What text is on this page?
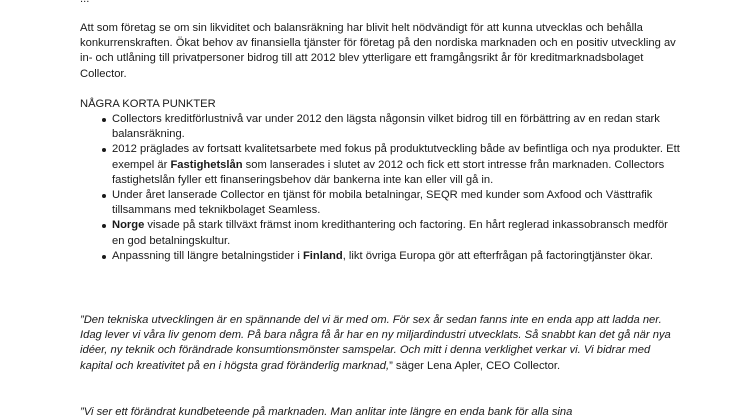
Att som företag se om sin likviditet och balansräkning har blivit helt nödvändigt för att kunna utvecklas och behålla konkurrenskraften. Ökat behov av finansiella tjänster för företag på den nordiska marknaden och en positiv utveckling av in- och utlåning till privatpersoner bidrog till att 2012 blev ytterligare ett framgångsrikt år för kreditmarknadsbolaget Collector.
NÅGRA KORTA PUNKTER
Collectors kreditförlustnivå var under 2012 den lägsta någonsin vilket bidrog till en förbättring av en redan stark balansräkning.
2012 präglades av fortsatt kvalitetsarbete med fokus på produktutveckling både av befintliga och nya produkter. Ett exempel är Fastighetslån som lanserades i slutet av 2012 och fick ett stort intresse från marknaden. Collectors fastighetslån fyller ett finanseringsbehov där bankerna inte kan eller vill gå in.
Under året lanserade Collector en tjänst för mobila betalningar, SEQR med kunder som Axfood och Västtrafik tillsammans med teknikbolaget Seamless.
Norge visade på stark tillväxt främst inom kredithantering och factoring. En hårt reglerad inkassobransch medför en god betalningskultur.
Anpassning till längre betalningstider i Finland, likt övriga Europa gör att efterfrågan på factoringtjänster ökar.
”Den tekniska utvecklingen är en spännande del vi är med om. För sex år sedan fanns inte en enda app att ladda ner. Idag lever vi våra liv genom dem. På bara några få år har en ny miljardindustri utvecklats. Så snabbt kan det gå när nya idéer, ny teknik och förändrade konsumtionsmönster samspelar. Och mitt i denna verklighet verkar vi. Vi bidrar med kapital och kreativitet på en i högsta grad föränderlig marknad,” säger Lena Apler, CEO Collector.
”Vi ser ett förändrat kundbeteende på marknaden. Man anlitar inte längre en enda bank för alla sina
